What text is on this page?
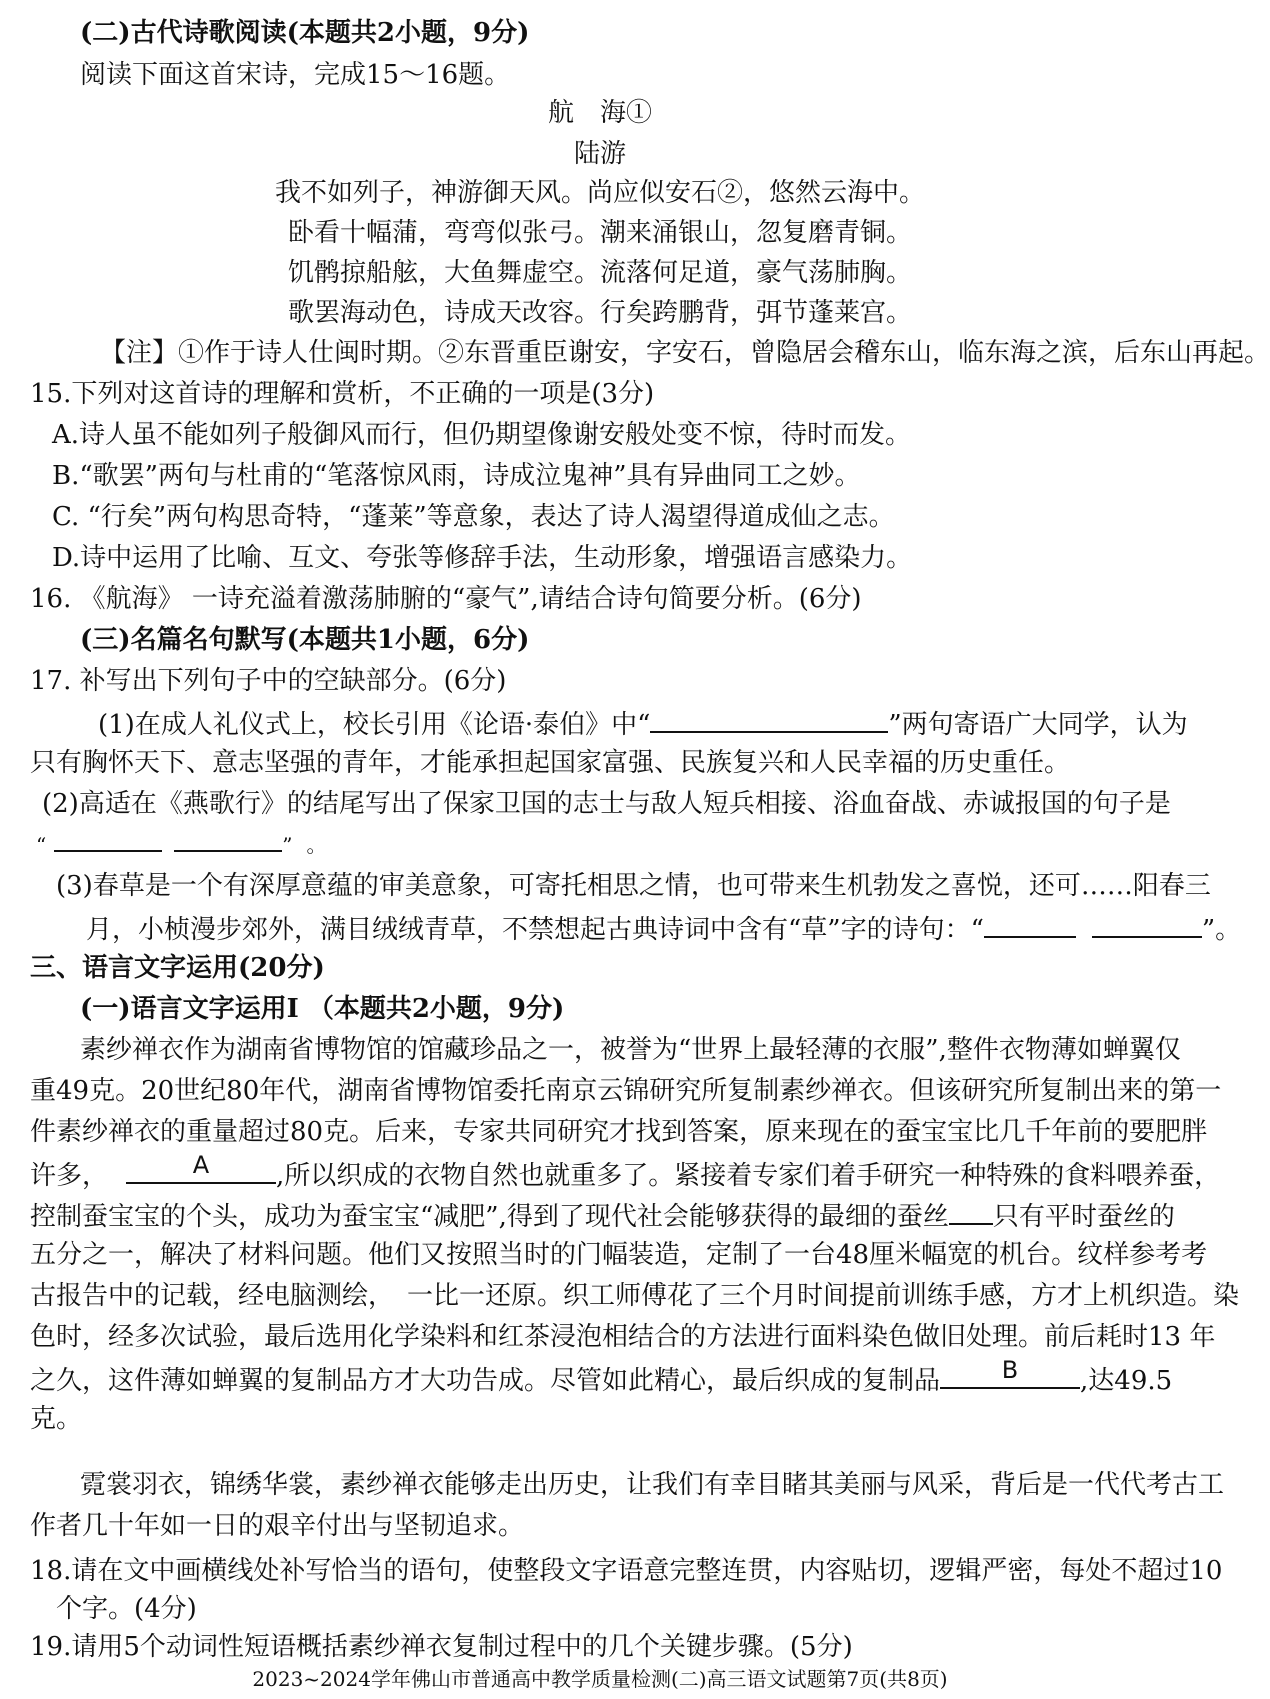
(二)古代诗歌阅读(本题共2小题，9分)
阅读下面这首宋诗，完成15～16题。
航　海①
陆游
我不如列子，神游御天风。尚应似安石②，悠然云海中。
卧看十幅蒲，弯弯似张弓。潮来涌银山，忽复磨青铜。
饥鹘掠船舷，大鱼舞虚空。流落何足道，豪气荡肺胸。
歌罢海动色，诗成天改容。行矣跨鹏背，弭节蓬莱宫。
【注】①作于诗人仕闽时期。②东晋重臣谢安，字安石，曾隐居会稽东山，临东海之滨，后东山再起。
15.下列对这首诗的理解和赏析，不正确的一项是(3分)
A.诗人虽不能如列子般御风而行，但仍期望像谢安般处变不惊，待时而发。
B.“歌罢”两句与杜甫的“笔落惊风雨，诗成泣鬼神”具有异曲同工之妙。
C. “行矣”两句构思奇特，“蓬莱”等意象，表达了诗人渴望得道成仙之志。
D.诗中运用了比喻、互文、夸张等修辞手法，生动形象，增强语言感染力。
16. 《航海》 一诗充溢着激荡肺腑的“豪气”,请结合诗句简要分析。(6分)
(三)名篇名句默写(本题共1小题，6分)
17. 补写出下列句子中的空缺部分。(6分)
(1)在成人礼仪式上，校长引用《论语·泰伯》中“	”两句寄语广大同学，认为
只有胸怀天下、意志坚强的青年，才能承担起国家富强、民族复兴和人民幸福的历史重任。
(2)高适在《燕歌行》的结尾写出了保家卫国的志士与敌人短兵相接、浴血奋战、赤诚报国的句子是
“	” 。
(3)春草是一个有深厚意蕴的审美意象，可寄托相思之情，也可带来生机勃发之喜悦，还可……阳春三
月，小桢漫步郊外，满目绒绒青草，不禁想起古典诗词中含有“草”字的诗句：“	”。
三、语言文字运用(20分)
(一)语言文字运用I （本题共2小题，9分)
素纱禅衣作为湖南省博物馆的馆藏珍品之一，被誉为“世界上最轻薄的衣服”,整件衣物薄如蝉翼仅
重49克。20世纪80年代，湖南省博物馆委托南京云锦研究所复制素纱禅衣。但该研究所复制出来的第一
件素纱禅衣的重量超过80克。后来，专家共同研究才找到答案，原来现在的蚕宝宝比几千年前的要肥胖
许多，	A	,所以织成的衣物自然也就重多了。紧接着专家们着手研究一种特殊的食料喂养蚕，
控制蚕宝宝的个头，成功为蚕宝宝“减肥”,得到了现代社会能够获得的最细的蚕丝 只有平时蚕丝的
五分之一，解决了材料问题。他们又按照当时的门幅装造，定制了一台48厘米幅宽的机台。纹样参考考
古报告中的记载，经电脑测绘，　一比一还原。织工师傅花了三个月时间提前训练手感，方才上机织造。染
色时，经多次试验，最后选用化学染料和红茶浸泡相结合的方法进行面料染色做旧处理。前后耗时13 年
之久，这件薄如蝉翼的复制品方才大功告成。尽管如此精心，最后织成的复制品	B	,达49.5
克。
霓裳羽衣，锦绣华裳，素纱禅衣能够走出历史，让我们有幸目睹其美丽与风采，背后是一代代考古工
作者几十年如一日的艰辛付出与坚韧追求。
18.请在文中画横线处补写恰当的语句，使整段文字语意完整连贯，内容贴切，逻辑严密，每处不超过10
个字。(4分)
19.请用5个动词性短语概括素纱禅衣复制过程中的几个关键步骤。(5分)
2023~2024学年佛山市普通高中教学质量检测(二)高三语文试题第7页(共8页)
